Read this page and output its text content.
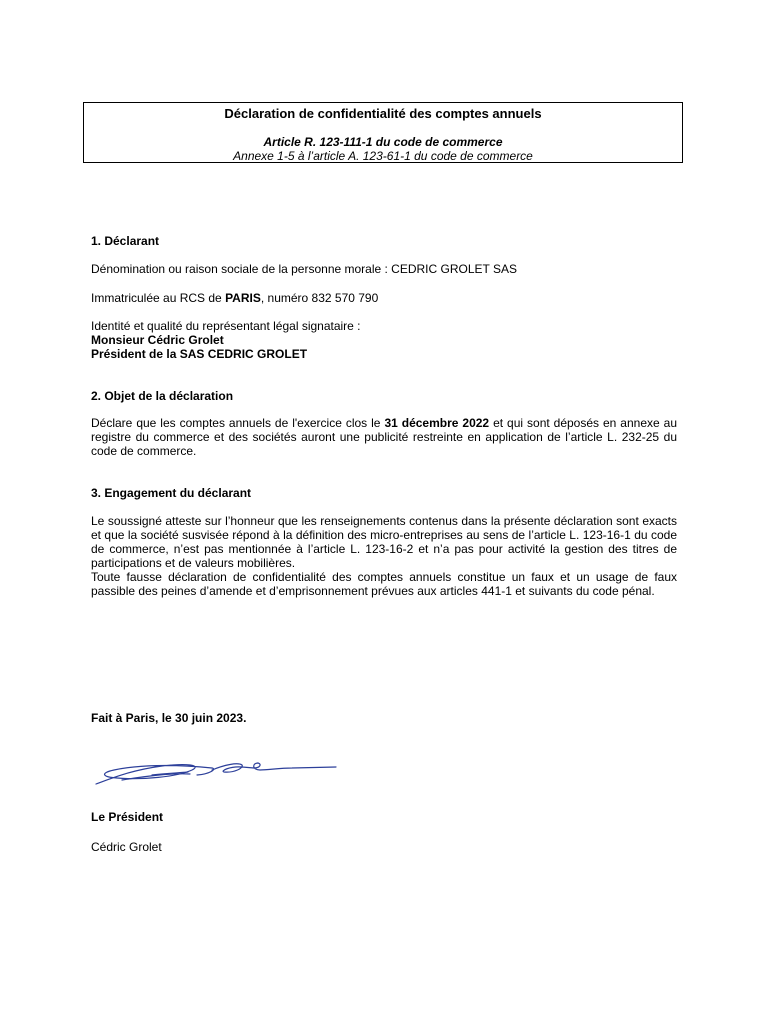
Déclaration de confidentialité des comptes annuels
Article R. 123-111-1 du code de commerce
Annexe 1-5 à l’article A. 123-61-1 du code de commerce
1. Déclarant
Dénomination ou raison sociale de la personne morale : CEDRIC GROLET SAS
Immatriculée au RCS de PARIS, numéro 832 570 790
Identité et qualité du représentant légal signataire :
Monsieur Cédric Grolet
Président de la SAS CEDRIC GROLET
2. Objet de la déclaration
Déclare que les comptes annuels de l'exercice clos le 31 décembre 2022 et qui sont déposés en annexe au registre du commerce et des sociétés auront une publicité restreinte en application de l’article L. 232-25 du code de commerce.
3. Engagement du déclarant
Le soussigné atteste sur l’honneur que les renseignements contenus dans la présente déclaration sont exacts et que la société susvisée répond à la définition des micro-entreprises au sens de l’article L. 123-16-1 du code de commerce, n’est pas mentionnée à l’article L. 123-16-2 et n’a pas pour activité la gestion des titres de participations et de valeurs mobilières.
Toute fausse déclaration de confidentialité des comptes annuels constitue un faux et un usage de faux passible des peines d’amende et d’emprisonnement prévues aux articles 441-1 et suivants du code pénal.
Fait à Paris, le 30 juin 2023.
Le Président
Cédric Grolet
